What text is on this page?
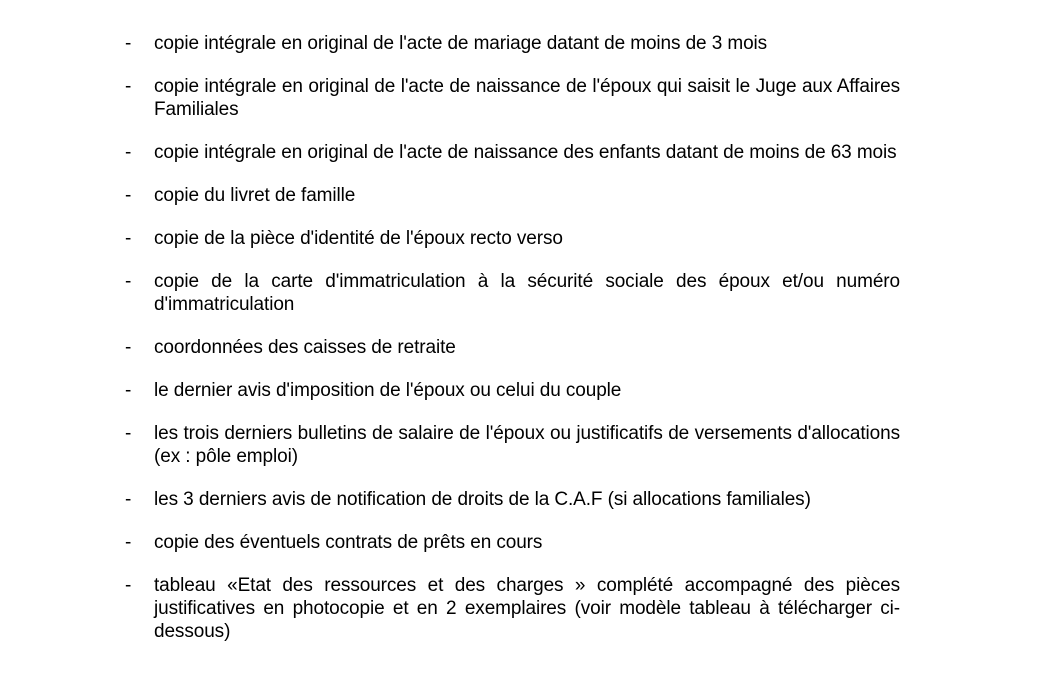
-	copie intégrale en original de l'acte de mariage datant de moins de 3 mois
-	copie intégrale en original de l'acte de naissance de l'époux qui saisit le Juge aux Affaires Familiales
-	copie intégrale en original de l'acte de naissance des enfants datant de moins de 63 mois
-	copie du livret de famille
-	copie de la pièce d'identité de l'époux recto verso
-	copie de la carte d'immatriculation à la sécurité sociale des époux et/ou numéro d'immatriculation
-	coordonnées des caisses de retraite
-	le dernier avis d'imposition de l'époux ou celui du couple
-	les trois derniers bulletins de salaire de l'époux ou justificatifs de versements d'allocations (ex : pôle emploi)
-	les 3 derniers avis de notification de droits de la C.A.F (si allocations familiales)
-	copie des éventuels contrats de prêts en cours
-	tableau «Etat des ressources et des charges » complété accompagné des pièces justificatives en photocopie et en 2 exemplaires (voir modèle tableau à télécharger ci-dessous)
